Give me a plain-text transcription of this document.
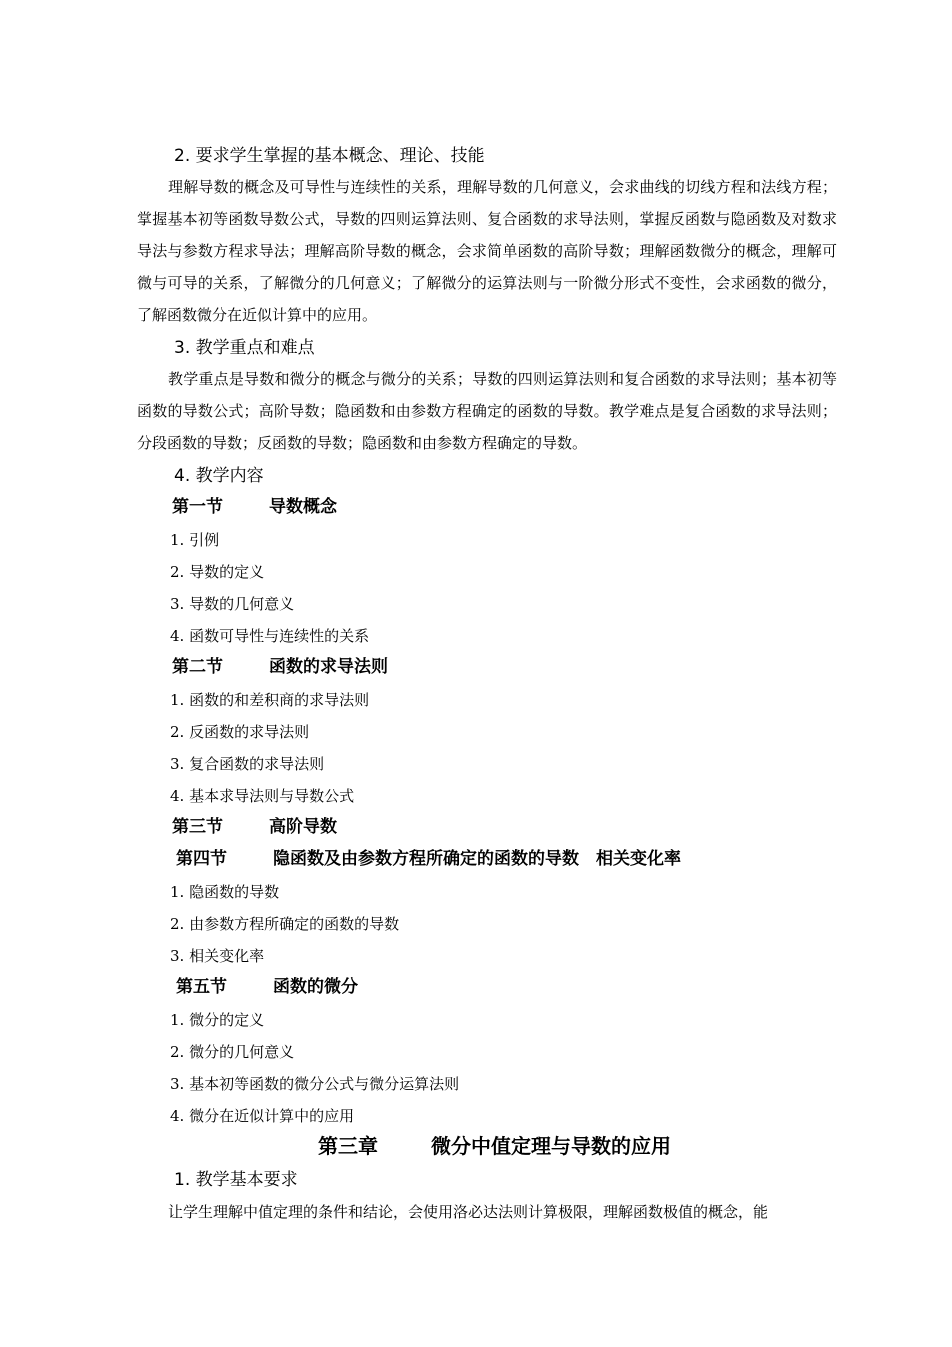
2. 要求学生掌握的基本概念、理论、技能

理解导数的概念及可导性与连续性的关系，理解导数的几何意义，会求曲线的切线方程和法线方程；掌握基本初等函数导数公式，导数的四则运算法则、复合函数的求导法则，掌握反函数与隐函数及对数求导法与参数方程求导法；理解高阶导数的概念，会求简单函数的高阶导数；理解函数微分的概念，理解可微与可导的关系，了解微分的几何意义；了解微分的运算法则与一阶微分形式不变性，会求函数的微分，了解函数微分在近似计算中的应用。

3. 教学重点和难点

教学重点是导数和微分的概念与微分的关系；导数的四则运算法则和复合函数的求导法则；基本初等函数的导数公式；高阶导数；隐函数和由参数方程确定的函数的导数。教学难点是复合函数的求导法则；分段函数的导数；反函数的导数；隐函数和由参数方程确定的导数。

4. 教学内容
第一节	导数概念
1. 引例
2. 导数的定义
3. 导数的几何意义
4. 函数可导性与连续性的关系
第二节	函数的求导法则
1. 函数的和差积商的求导法则
2. 反函数的求导法则
3. 复合函数的求导法则
4. 基本求导法则与导数公式
第三节	高阶导数
第四节	隐函数及由参数方程所确定的函数的导数　相关变化率
1. 隐函数的导数
2. 由参数方程所确定的函数的导数
3. 相关变化率
第五节	函数的微分
1. 微分的定义
2. 微分的几何意义
3. 基本初等函数的微分公式与微分运算法则
4. 微分在近似计算中的应用
第三章	微分中值定理与导数的应用
1. 教学基本要求

让学生理解中值定理的条件和结论，会使用洛必达法则计算极限，理解函数极值的概念，能
